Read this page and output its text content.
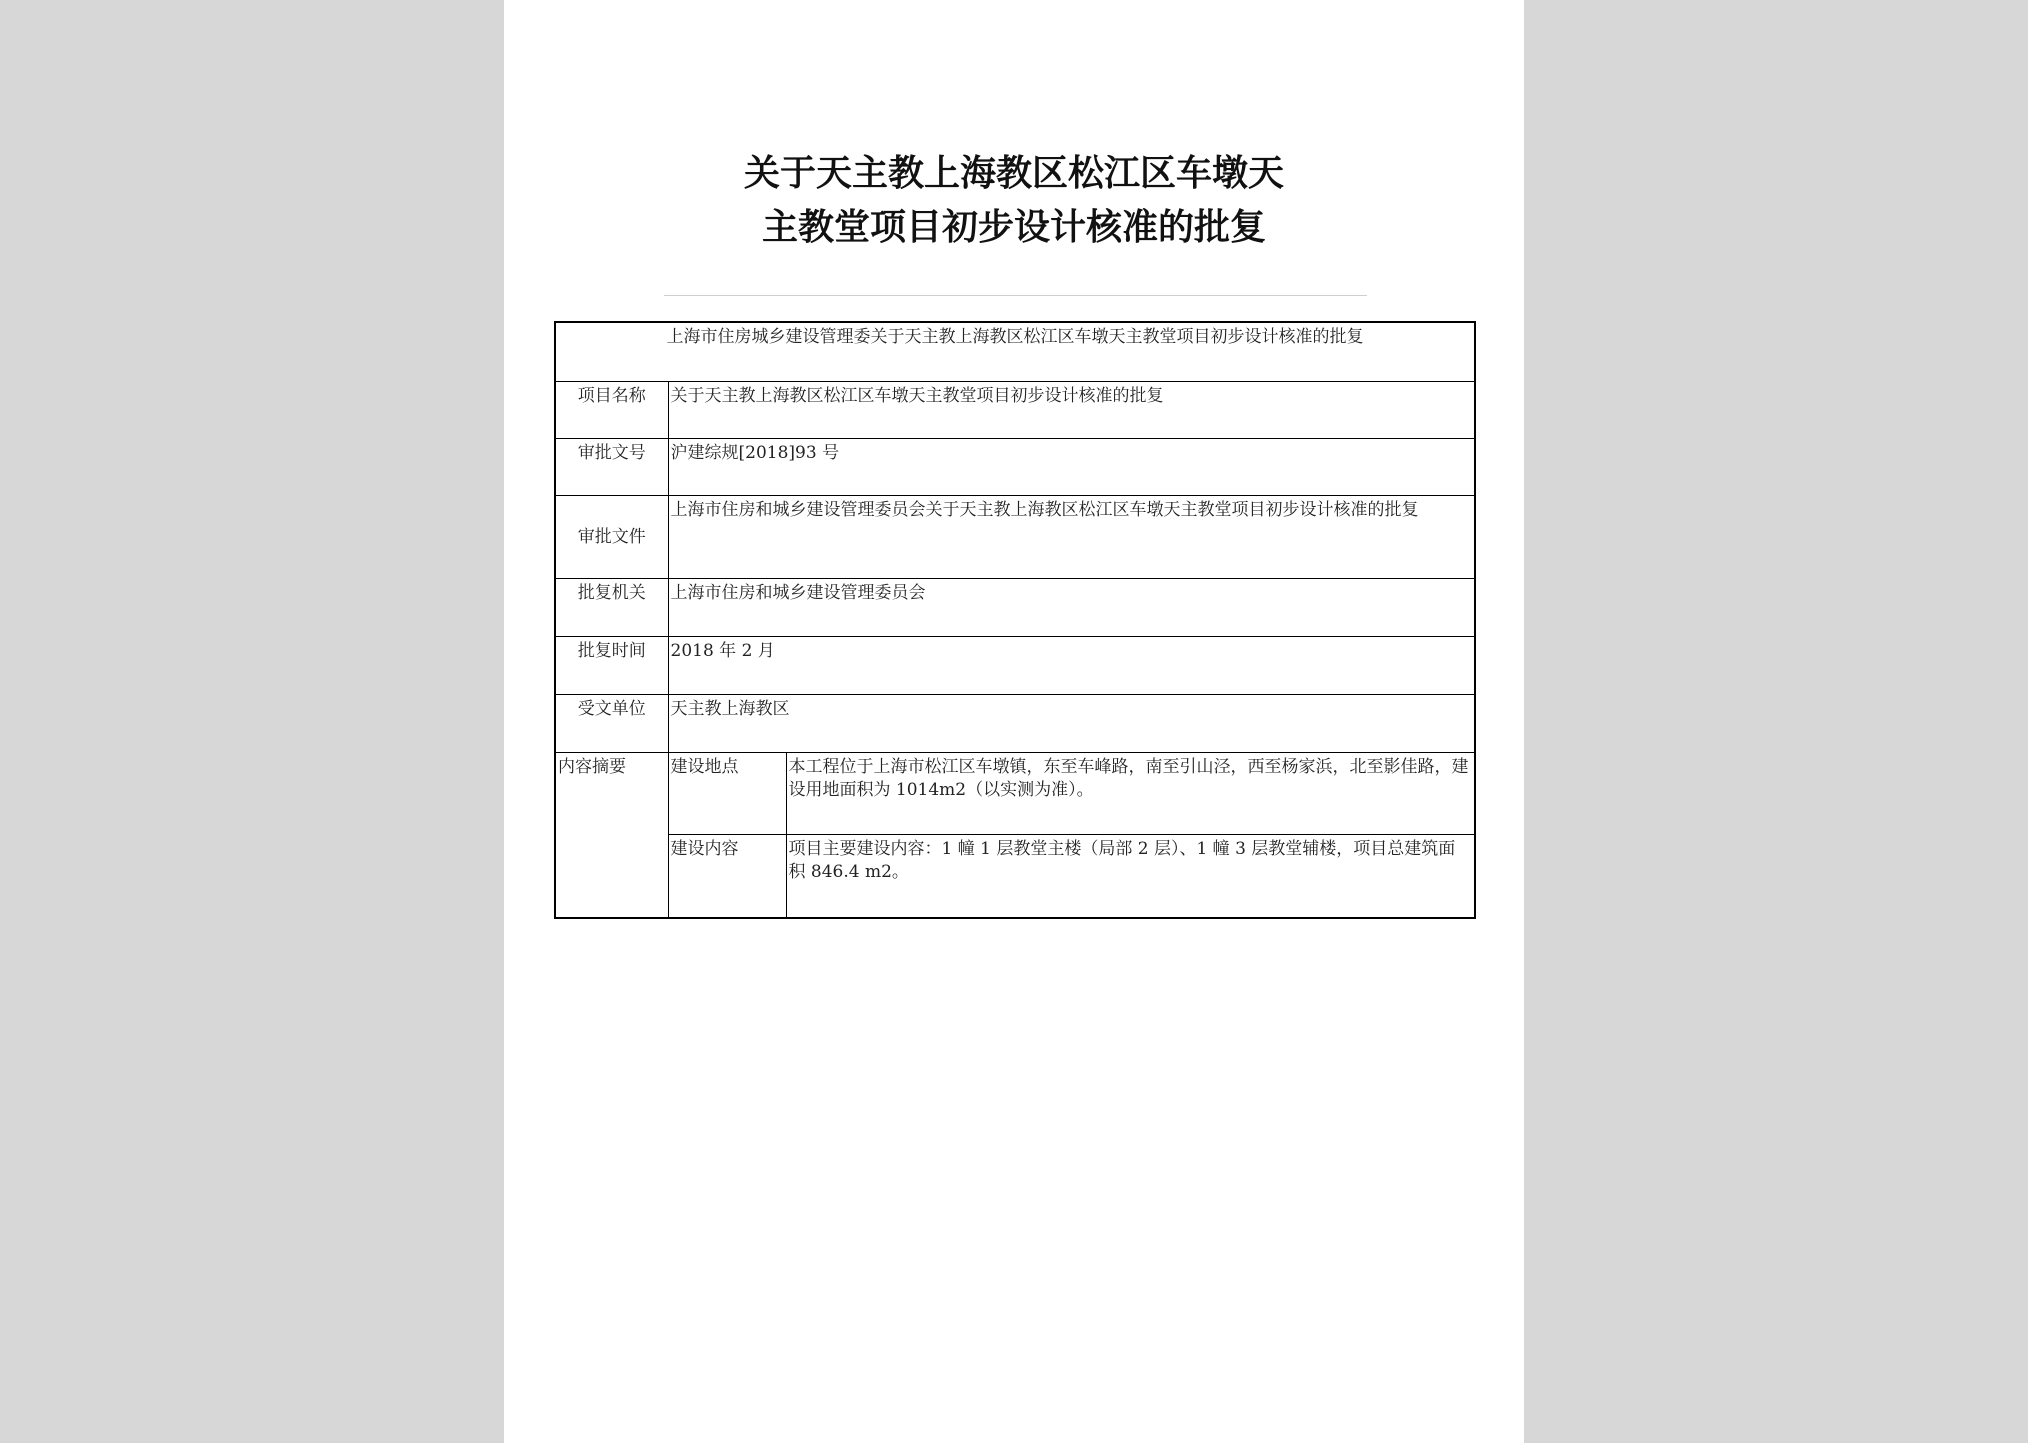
关于天主教上海教区松江区车墩天
主教堂项目初步设计核准的批复
上海市住房城乡建设管理委关于天主教上海教区松江区车墩天主教堂项目初步设计核准的批复		
项目名称	关于天主教上海教区松江区车墩天主教堂项目初步设计核准的批复	
审批文号	沪建综规[2018]93 号	
审批文件	上海市住房和城乡建设管理委员会关于天主教上海教区松江区车墩天主教堂项目初步设计核准的批复	
批复机关	上海市住房和城乡建设管理委员会	
批复时间	2018 年 2 月	
受文单位	天主教上海教区	
内容摘要	建设地点	本工程位于上海市松江区车墩镇，东至车峰路，南至引山泾，西至杨家浜，北至影佳路，建设用地面积为 1014m2（以实测为准）。
	建设内容	项目主要建设内容：1 幢 1 层教堂主楼（局部 2 层）、1 幢 3 层教堂辅楼，项目总建筑面积 846.4 m2。
